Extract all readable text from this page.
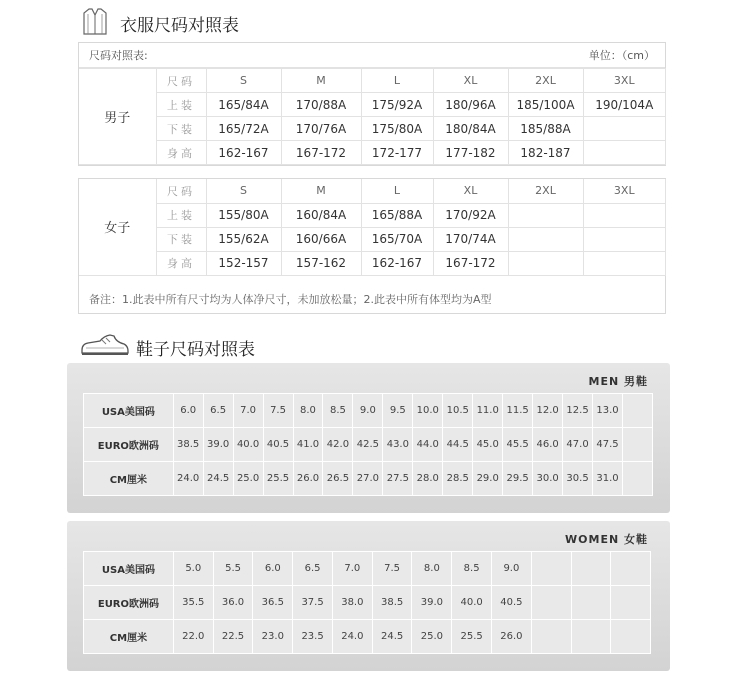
衣服尺码对照表
尺码对照表:	单位：（cm）
男子	尺码	S	M	L	XL	2XL	3XL
	上装	165/84A	170/88A	175/92A	180/96A	185/100A	190/104A
	下装	165/72A	170/76A	175/80A	180/84A	185/88A	
	身高	162-167	167-172	172-177	177-182	182-187	
女子	尺码	S	M	L	XL	2XL	3XL
	上装	155/80A	160/84A	165/88A	170/92A		
	下装	155/62A	160/66A	165/70A	170/74A		
	身高	152-157	157-162	162-167	167-172		
备注：1.此表中所有尺寸均为人体净尺寸，未加放松量；2.此表中所有体型均为A型
鞋子尺码对照表
MEN 男鞋
USA美国码	6.0	6.5	7.0	7.5	8.0	8.5	9.0	9.5	10.0	10.5	11.0	11.5	12.0	12.5	13.0	
EURO欧洲码	38.5	39.0	40.0	40.5	41.0	42.0	42.5	43.0	44.0	44.5	45.0	45.5	46.0	47.0	47.5	
CM厘米	24.0	24.5	25.0	25.5	26.0	26.5	27.0	27.5	28.0	28.5	29.0	29.5	30.0	30.5	31.0	
WOMEN 女鞋
USA美国码	5.0	5.5	6.0	6.5	7.0	7.5	8.0	8.5	9.0			
EURO欧洲码	35.5	36.0	36.5	37.5	38.0	38.5	39.0	40.0	40.5			
CM厘米	22.0	22.5	23.0	23.5	24.0	24.5	25.0	25.5	26.0			
